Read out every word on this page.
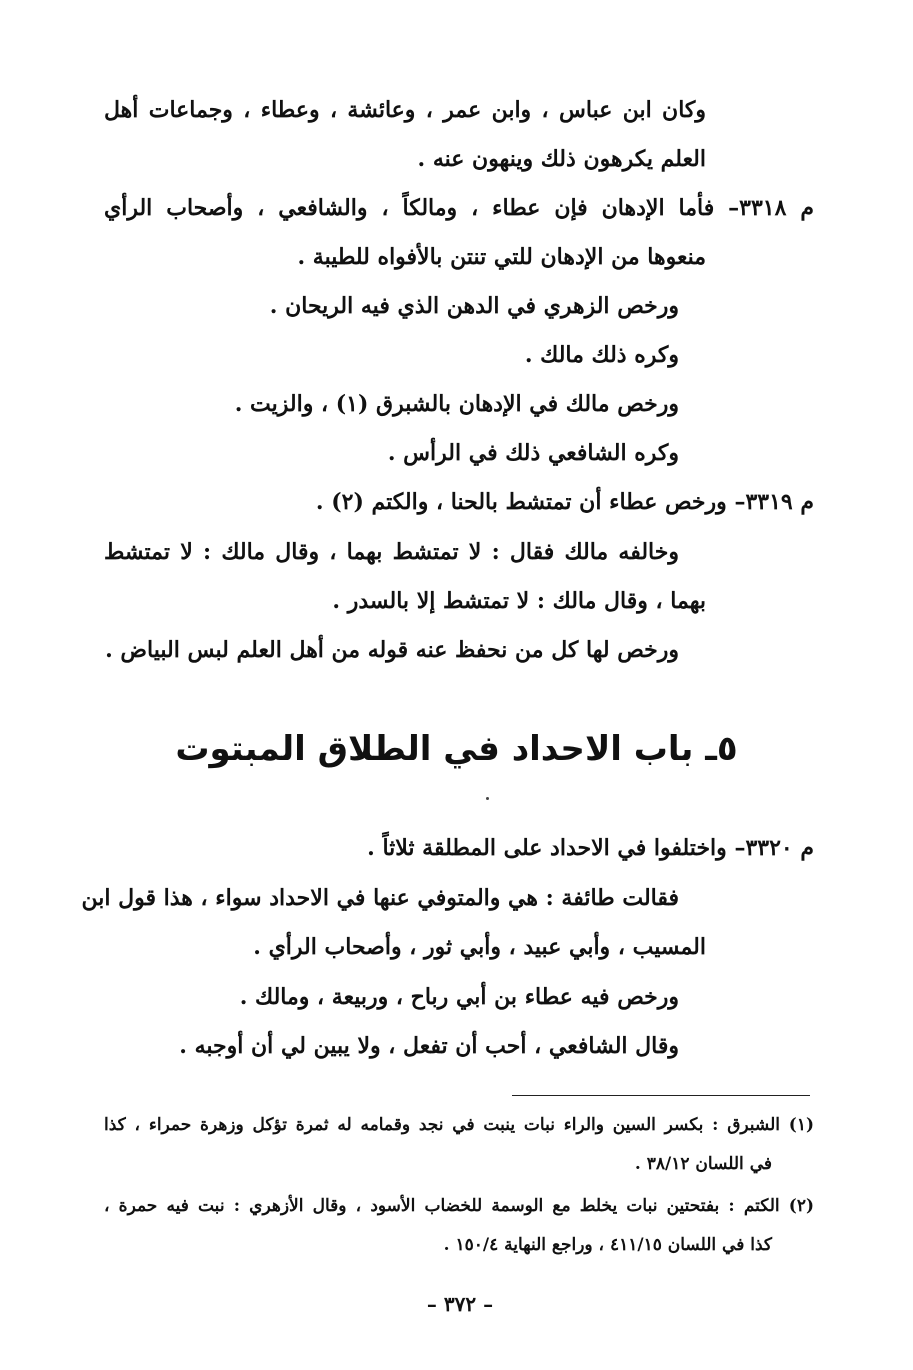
وكان ابن عباس ، وابن عمر ، وعائشة ، وعطاء ، وجماعات أهل
العلم يكرهون ذلك وينهون عنه .
م ٣٣١٨– فأما الإدهان فإن عطاء ، ومالكاً ، والشافعي ، وأصحاب الرأي
منعوها من الإدهان للتي تنتن بالأفواه للطيبة .
ورخص الزهري في الدهن الذي فيه الريحان .
وكره ذلك مالك .
ورخص مالك في الإدهان بالشبرق (١) ، والزيت .
وكره الشافعي ذلك في الرأس .
م ٣٣١٩– ورخص عطاء أن تمتشط بالحنا ، والكتم (٢) .
وخالفه مالك فقال : لا تمتشط بهما ، وقال مالك : لا تمتشط
بهما ، وقال مالك : لا تمتشط إلا بالسدر .
ورخص لها كل من نحفظ عنه قوله من أهل العلم لبس البياض .
٥ـ باب الاحداد في الطلاق المبتوت
م ٣٣٢٠– واختلفوا في الاحداد على المطلقة ثلاثاً .
فقالت طائفة : هي والمتوفي عنها في الاحداد سواء ، هذا قول ابن
المسيب ، وأبي عبيد ، وأبي ثور ، وأصحاب الرأي .
ورخص فيه عطاء بن أبي رباح ، وربيعة ، ومالك .
وقال الشافعي ، أحب أن تفعل ، ولا يبين لي أن أوجبه .
(١) الشبرق : بكسر السين والراء نبات ينبت في نجد وقمامه له ثمرة تؤكل وزهرة حمراء ، كذا
في اللسان ٣٨/١٢ .
(٢) الكتم : بفتحتين نبات يخلط مع الوسمة للخضاب الأسود ، وقال الأزهري : نبت فيه حمرة ،
كذا في اللسان ٤١١/١٥ ، وراجع النهاية ١٥٠/٤ .
– ٣٧٢ –
